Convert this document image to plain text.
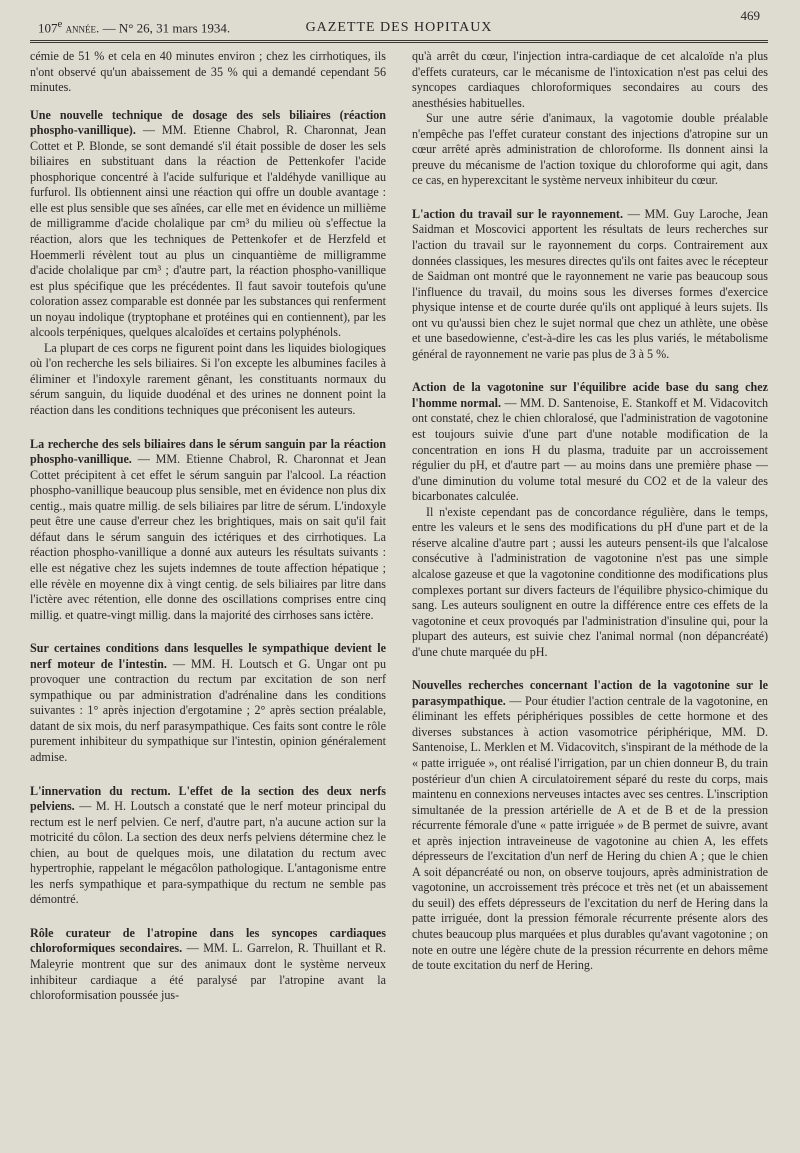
107e année. — N° 26, 31 mars 1934.	GAZETTE DES HOPITAUX
469

cémie de 51 % et cela en 40 minutes environ ; chez les cirrhotiques, ils n'ont observé qu'un abaissement de 35 % qui a demandé cependant 56 minutes.

Une nouvelle technique de dosage des sels biliaires (réaction phospho-vanillique). — MM. Etienne Chabrol, R. Charonnat, Jean Cottet et P. Blonde, se sont demandé s'il était possible de doser les sels biliaires en substituant dans la réaction de Pettenkofer l'acide phosphorique concentré à l'acide sulfurique et l'aldéhyde vanillique au furfurol. Ils obtiennent ainsi une réaction qui offre un double avantage : elle est plus sensible que ses aînées, car elle met en évidence un millième de milligramme d'acide cholalique par cm³ du milieu où s'effectue la réaction, alors que les techniques de Pettenkofer et de Herzfeld et Hoemmerli révèlent tout au plus un cinquantième de milligramme d'acide cholalique par cm³ ; d'autre part, la réaction phospho-vanillique est plus spécifique que les précédentes. Il faut savoir toutefois qu'une coloration assez comparable est donnée par les substances qui renferment un noyau indolique (tryptophane et protéines qui en contiennent), par les alcools terpéniques, quelques alcaloïdes et certains polyphénols.

La plupart de ces corps ne figurent point dans les liquides biologiques où l'on recherche les sels biliaires. Si l'on excepte les albumines faciles à éliminer et l'indoxyle rarement gênant, les constituants normaux du sérum sanguin, du liquide duodénal et des urines ne donnent point la réaction dans les conditions techniques que préconisent les auteurs.

La recherche des sels biliaires dans le sérum sanguin par la réaction phospho-vanillique. — MM. Etienne Chabrol, R. Charonnat et Jean Cottet précipitent à cet effet le sérum sanguin par l'alcool. La réaction phospho-vanillique beaucoup plus sensible, met en évidence non plus dix centig., mais quatre millig. de sels biliaires par litre de sérum. L'indoxyle peut être une cause d'erreur chez les brightiques, mais on sait qu'il fait défaut dans le sérum sanguin des ictériques et des cirrhotiques. La réaction phospho-vanillique a donné aux auteurs les résultats suivants : elle est négative chez les sujets indemnes de toute affection hépatique ; elle révèle en moyenne dix à vingt centig. de sels biliaires par litre dans l'ictère avec rétention, elle donne des oscillations comprises entre cinq millig. et quatre-vingt millig. dans la majorité des cirrhoses sans ictère.

Sur certaines conditions dans lesquelles le sympathique devient le nerf moteur de l'intestin. — MM. H. Loutsch et G. Ungar ont pu provoquer une contraction du rectum par excitation de son nerf sympathique ou par administration d'adrénaline dans les conditions suivantes : 1° après injection d'ergotamine ; 2° après section préalable, datant de six mois, du nerf parasympathique. Ces faits sont contre le rôle purement inhibiteur du sympathique sur l'intestin, opinion généralement admise.

L'innervation du rectum. L'effet de la section des deux nerfs pelviens. — M. H. Loutsch a constaté que le nerf moteur principal du rectum est le nerf pelvien. Ce nerf, d'autre part, n'a aucune action sur la motricité du côlon. La section des deux nerfs pelviens détermine chez le chien, au bout de quelques mois, une dilatation du rectum avec hypertrophie, rappelant le mégacôlon pathologique. L'antagonisme entre les nerfs sympathique et para-sympathique du rectum ne semble pas démontré.

Rôle curateur de l'atropine dans les syncopes cardiaques chloroformiques secondaires. — MM. L. Garrelon, R. Thuillant et R. Maleyrie montrent que sur des animaux dont le système nerveux inhibiteur cardiaque a été paralysé par l'atropine avant la chloroformisation poussée jus-

qu'à arrêt du cœur, l'injection intra-cardiaque de cet alcaloïde n'a plus d'effets curateurs, car le mécanisme de l'intoxication n'est pas celui des syncopes cardiaques chloroformiques secondaires au cours des anesthésies habituelles.

Sur une autre série d'animaux, la vagotomie double préalable n'empêche pas l'effet curateur constant des injections d'atropine sur un cœur arrêté après administration de chloroforme. Ils donnent ainsi la preuve du mécanisme de l'action toxique du chloroforme qui agit, dans ce cas, en hyperexcitant le système nerveux inhibiteur du cœur.

L'action du travail sur le rayonnement. — MM. Guy Laroche, Jean Saidman et Moscovici apportent les résultats de leurs recherches sur l'action du travail sur le rayonnement du corps. Contrairement aux données classiques, les mesures directes qu'ils ont faites avec le récepteur de Saidman ont montré que le rayonnement ne varie pas beaucoup sous l'influence du travail, du moins sous les diverses formes d'exercice physique intense et de courte durée qu'ils ont appliqué à leurs sujets. Ils ont vu qu'aussi bien chez le sujet normal que chez un athlète, une obèse et une basedowienne, c'est-à-dire les cas les plus variés, le métabolisme général de rayonnement ne varie pas plus de 3 à 5 %.

Action de la vagotonine sur l'équilibre acide base du sang chez l'homme normal. — MM. D. Santenoise, E. Stankoff et M. Vidacovitch ont constaté, chez le chien chloralosé, que l'administration de vagotonine est toujours suivie d'une part d'une notable modification de la concentration en ions H du plasma, traduite par un accroissement régulier du pH, et d'autre part — au moins dans une première phase — d'une diminution du volume total mesuré du CO2 et de la valeur des bicarbonates calculée.

Il n'existe cependant pas de concordance régulière, dans le temps, entre les valeurs et le sens des modifications du pH d'une part et de la réserve alcaline d'autre part ; aussi les auteurs pensent-ils que l'alcalose consécutive à l'administration de vagotonine n'est pas une simple alcalose gazeuse et que la vagotonine conditionne des modifications plus complexes portant sur divers facteurs de l'équilibre physico-chimique du sang. Les auteurs soulignent en outre la différence entre ces effets de la vagotonine et ceux provoqués par l'administration d'insuline qui, pour la plupart des auteurs, est suivie chez l'animal normal (non dépancréaté) d'une chute marquée du pH.

Nouvelles recherches concernant l'action de la vagotonine sur le parasympathique. — Pour étudier l'action centrale de la vagotonine, en éliminant les effets périphériques possibles de cette hormone et des diverses substances à action vasomotrice périphérique, MM. D. Santenoise, L. Merklen et M. Vidacovitch, s'inspirant de la méthode de la « patte irriguée », ont réalisé l'irrigation, par un chien donneur B, du train postérieur d'un chien A circulatoirement séparé du reste du corps, mais maintenu en connexions nerveuses intactes avec ses centres. L'inscription simultanée de la pression artérielle de A et de B et de la pression récurrente fémorale d'une « patte irriguée » de B permet de suivre, avant et après injection intraveineuse de vagotonine au chien A, les effets dépresseurs de l'excitation d'un nerf de Hering du chien A ; que le chien A soit dépancréaté ou non, on observe toujours, après administration de vagotonine, un accroissement très précoce et très net (et un abaissement du seuil) des effets dépresseurs de l'excitation du nerf de Hering dans la patte irriguée, dont la pression fémorale récurrente présente alors des chutes beaucoup plus marquées et plus durables qu'avant vagotonine ; on note en outre une légère chute de la pression récurrente en dehors même de toute excitation du nerf de Hering.
